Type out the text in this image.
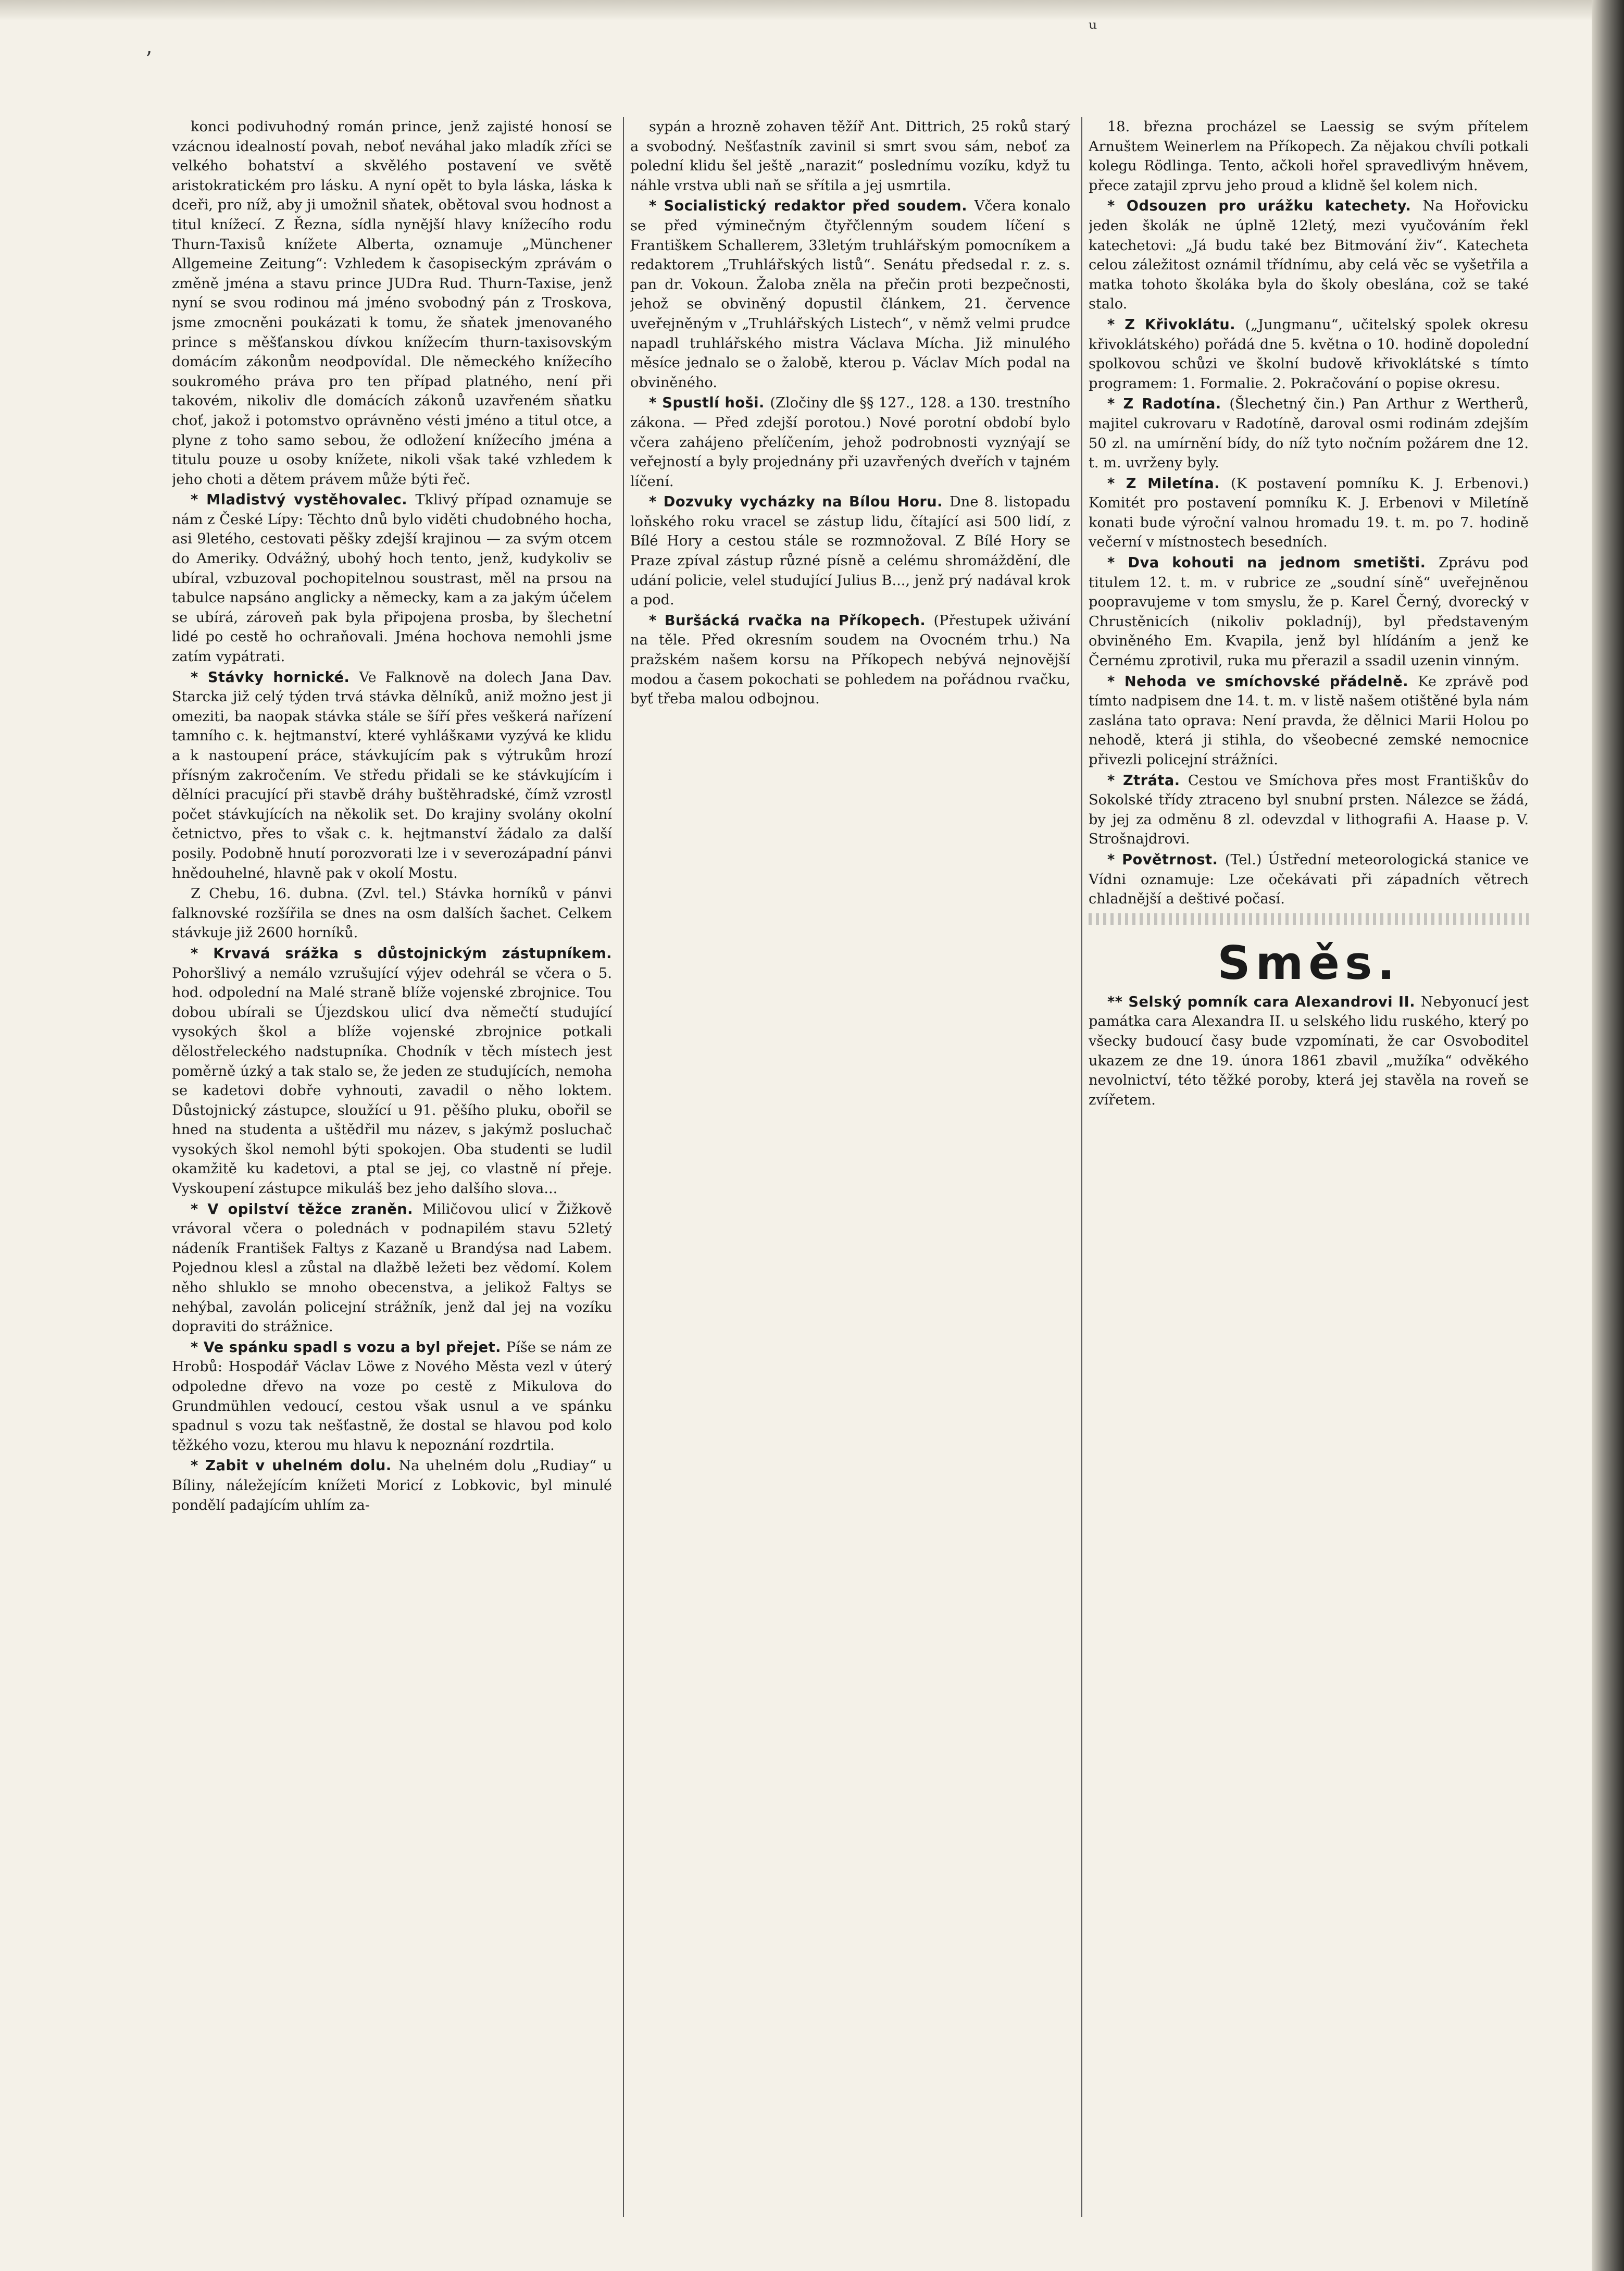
ʼ
ᵘ

konci podivuhodný román prince, jenž zajisté honosí se vzácnou idealností povah, neboť neváhal jako mladík zříci se velkého bohatství a skvělého postavení ve světě aristokratickém pro lásku. A nyní opět to byla láska, láska k dceři, pro níž, aby ji umožnil sňatek, obětoval svou hodnost a titul knížecí. Z Řezna, sídla nynější hlavy knížecího rodu Thurn-Taxisů knížete Alberta, oznamuje „Münchener Allgemeine Zeitung“: Vzhledem k časopiseckým zprávám o změně jména a stavu prince JUDra Rud. Thurn-Taxise, jenž nyní se svou rodinou má jméno svobodný pán z Troskova, jsme zmocněni poukázati k tomu, že sňatek jmenovaného prince s měšťanskou dívkou knížecím thurn-taxisovským domácím zákonům neodpovídal. Dle německého knížecího soukromého práva pro ten případ platného, není při takovém, nikoliv dle domácích zákonů uzavřeném sňatku choť, jakož i potomstvo oprávněno vésti jméno a titul otce, a plyne z toho samo sebou, že odložení knížecího jména a titulu pouze u osoby knížete, nikoli však také vzhledem k jeho choti a dětem právem může býti řeč.

* Mladistvý vystěhovalec. Tklivý případ oznamuje se nám z České Lípy: Těchto dnů bylo viděti chudobného hocha, asi 9letého, cestovati pěšky zdejší krajinou — za svým otcem do Ameriky. Odvážný, ubohý hoch tento, jenž, kudykoliv se ubíral, vzbuzoval pochopitelnou soustrast, měl na prsou na tabulce napsáno anglicky a německy, kam a za jakým účelem se ubírá, zároveň pak byla připojena prosba, by šlechetní lidé po cestě ho ochraňovali. Jména hochova nemohli jsme zatím vypátrati.

* Stávky hornické. Ve Falknově na dolech Jana Dav. Starcka již celý týden trvá stávka dělníků, aniž možno jest ji omeziti, ba naopak stávka stále se šíří přes veškerá nařízení tamního c. k. hejtmanství, které vyhlášками vyzývá ke klidu a k nastoupení práce, stávkujícím pak s výtrukům hrozí přísným zakročením. Ve středu přidali se ke stávkujícím i dělníci pracující při stavbě dráhy buštěhradské, čímž vzrostl počet stávkujících na několik set. Do krajiny svolány okolní četnictvo, přes to však c. k. hejtmanství žádalo za další posily. Podobně hnutí porozvorati lze i v severozápadní pánvi hnědouhelné, hlavně pak v okolí Mostu.

Z Chebu, 16. dubna. (Zvl. tel.) Stávka horníků v pánvi falknovské rozšířila se dnes na osm dalších šachet. Celkem stávkuje již 2600 horníků.

* Krvavá srážka s důstojnickým zástupníkem. Pohoršlivý a nemálo vzrušující výjev odehrál se včera o 5. hod. odpolední na Malé straně blíže vojenské zbrojnice. Tou dobou ubírali se Újezdskou ulicí dva němečtí studující vysokých škol a blíže vojenské zbrojnice potkali dělostřeleckého nadstupníka. Chodník v těch místech jest poměrně úzký a tak stalo se, že jeden ze studujících, nemoha se kadetovi dobře vyhnouti, zavadil o něho loktem. Důstojnický zástupce, sloužící u 91. pěšího pluku, obořil se hned na studenta a uštědřil mu název, s jakýmž posluchač vysokých škol nemohl býti spokojen. Oba studenti se ludil okamžitě ku kadetovi, a ptal se jej, co vlastně ní přeje. Vyskoupení zástupce mikuláš bez jeho dalšího slova...

* V opilství těžce zraněn. Miličovou ulicí v Žižkově vrávoral včera o polednách v podnapilém stavu 52letý nádeník František Faltys z Kazaně u Brandýsa nad Labem. Pojednou klesl a zůstal na dlažbě ležeti bez vědomí. Kolem něho shluklo se mnoho obecenstva, a jelikož Faltys se nehýbal, zavolán policejní strážník, jenž dal jej na vozíku dopraviti do strážnice.

* Ve spánku spadl s vozu a byl přejet. Píše se nám ze Hrobů: Hospodář Václav Löwe z Nového Města vezl v úterý odpoledne dřevo na voze po cestě z Mikulova do Grundmühlen vedoucí, cestou však usnul a ve spánku spadnul s vozu tak nešťastně, že dostal se hlavou pod kolo těžkého vozu, kterou mu hlavu k nepoznání rozdrtila.

* Zabit v uhelném dolu. Na uhelném dolu „Rudiay“ u Bíliny, náležejícím knížeti Moricí z Lobkovic, byl minulé pondělí padajícím uhlím za-

sypán a hrozně zohaven těžíř Ant. Dittrich, 25 roků starý a svobodný. Nešťastník zavinil si smrt svou sám, neboť za polední klidu šel ještě „narazit“ poslednímu vozíku, když tu náhle vrstva ubli naň se sřítila a jej usmrtila.

* Socialistický redaktor před soudem. Včera konalo se před výminečným čtyřčlenným soudem líčení s Františkem Schallerem, 33letým truhlářským pomocníkem a redaktorem „Truhlářských listů“. Senátu předsedal r. z. s. pan dr. Vokoun. Žaloba zněla na přečin proti bezpečnosti, jehož se obviněný dopustil článkem, 21. července uveřejněným v „Truhlářských Listech“, v němž velmi prudce napadl truhlářského mistra Václava Mícha. Již minulého měsíce jednalo se o žalobě, kterou p. Václav Mích podal na obviněného.

* Spustlí hoši. (Zločiny dle §§ 127., 128. a 130. trestního zákona. — Před zdejší porotou.) Nové porotní období bylo včera zahájeno přelíčením, jehož podrobnosti vyznýají se veřejností a byly projednány při uzavřených dveřích v tajném líčení.

* Dozvuky vycházky na Bílou Horu. Dne 8. listopadu loňského roku vracel se zástup lidu, čítající asi 500 lidí, z Bílé Hory a cestou stále se rozmnožoval. Z Bílé Hory se Praze zpíval zástup různé písně a celému shromáždění, dle udání policie, velel studující Julius B..., jenž prý nadával krok a pod.

* Buršácká rvačka na Příkopech. (Přestupek uživání na těle. Před okresním soudem na Ovocném trhu.) Na pražském našem korsu na Příkopech nebývá nejnovější modou a časem pokochati se pohledem na pořádnou rvačku, byť třeba malou odbojnou.

18. března procházel se Laessig se svým přítelem Arnuštem Weinerlem na Příkopech. Za nějakou chvíli potkali kolegu Rödlinga. Tento, ačkoli hořel spravedlivým hněvem, přece zatajil zprvu jeho proud a klidně šel kolem nich.

* Odsouzen pro urážku katechety. Na Hořovicku jeden školák ne úplně 12letý, mezi vyučováním řekl katechetovi: „Já budu také bez Bitmování živ“. Katecheta celou záležitost oznámil třídnímu, aby celá věc se vyšetřila a matka tohoto školáka byla do školy obeslána, což se také stalo.

* Z Křivoklátu. („Jungmanu“, učitelský spolek okresu křivoklátského) pořádá dne 5. května o 10. hodině dopolední spolkovou schůzi ve školní budově křivoklátské s tímto programem: 1. Formalie. 2. Pokračování o popise okresu.

* Z Radotína. (Šlechetný čin.) Pan Arthur z Wertherů, majitel cukrovaru v Radotíně, daroval osmi rodinám zdejším 50 zl. na umírnění bídy, do níž tyto nočním požárem dne 12. t. m. uvrženy byly.

* Z Miletína. (K postavení pomníku K. J. Erbenovi.) Komitét pro postavení pomníku K. J. Erbenovi v Miletíně konati bude výroční valnou hromadu 19. t. m. po 7. hodině večerní v místnostech besedních.

* Dva kohouti na jednom smetišti. Zprávu pod titulem 12. t. m. v rubrice ze „soudní síně“ uveřejněnou poopravujeme v tom smyslu, že p. Karel Černý, dvorecký v Chrustěnicích (nikoliv pokladníj), byl představeným obviněného Em. Kvapila, jenž byl hlídáním a jenž ke Černému zprotivil, ruka mu přerazil a ssadil uzenin vinným.

* Nehoda ve smíchovské přádelně. Ke zprávě pod tímto nadpisem dne 14. t. m. v listě našem otištěné byla nám zaslána tato oprava: Není pravda, že dělnici Marii Holou po nehodě, která ji stihla, do všeobecné zemské nemocnice přivezli policejní strážníci.

* Ztráta. Cestou ve Smíchova přes most Františkův do Sokolské třídy ztraceno byl snubní prsten. Nálezce se žádá, by jej za odměnu 8 zl. odevzdal v lithografii A. Haase p. V. Strošnajdrovi.

* Povětrnost. (Tel.) Ústřední meteorologická stanice ve Vídni oznamuje: Lze očekávati při západních větrech chladnější a deštivé počasí.

Směs.

** Selský pomník cara Alexandrovi II. Nebyonucí jest památka cara Alexandra II. u selského lidu ruského, který po všecky budoucí časy bude vzpomínati, že car Osvoboditel ukazem ze dne 19. února 1861 zbavil „mužíka“ odvěkého nevolnictví, této těžké poroby, která jej stavěla na roveň se zvířetem.
